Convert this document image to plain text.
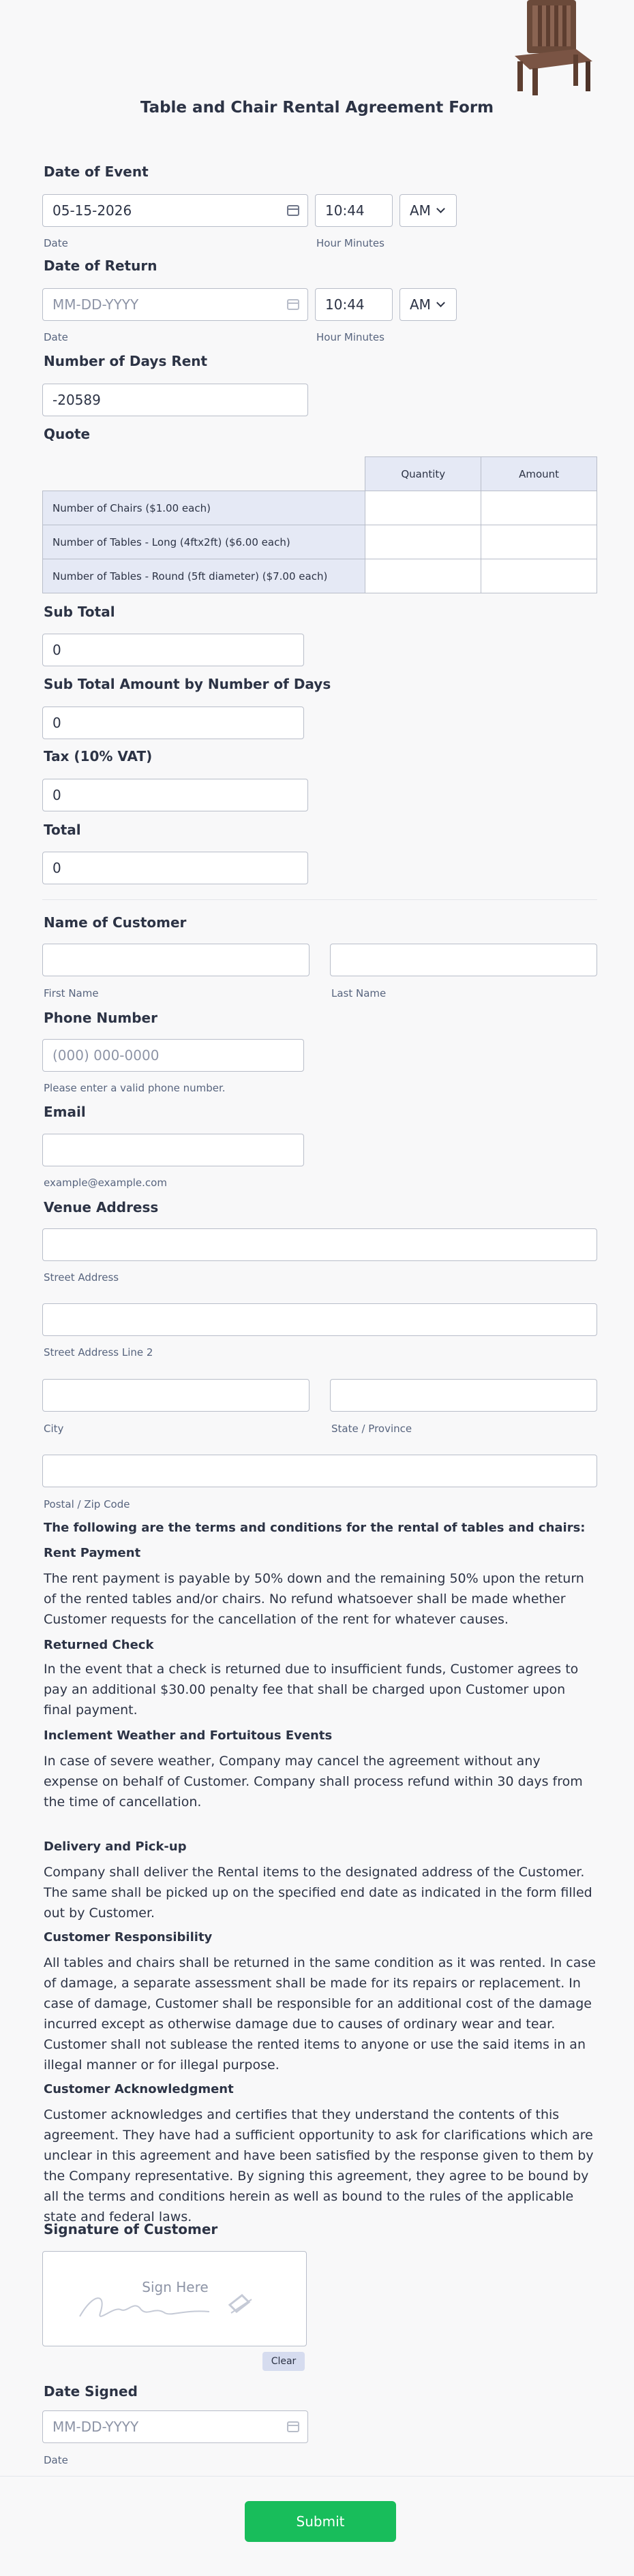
Table and Chair Rental Agreement Form
Date of Event
05-15-2026
Date
10:44	AM
Hour Minutes
Date of Return
MM-DD-YYYY
Date
10:44	AM
Hour Minutes
Number of Days Rent
-20589
Quote
	Quantity	Amount
Number of Chairs ($1.00 each)		
Number of Tables - Long (4ftx2ft) ($6.00 each)		
Number of Tables - Round (5ft diameter) ($7.00 each)		
Sub Total
0
Sub Total Amount by Number of Days
0
Tax (10% VAT)
0
Total
0
Name of Customer
First Name	Last Name
Phone Number
(000) 000-0000
Please enter a valid phone number.
Email
example@example.com
Venue Address
Street Address
Street Address Line 2
City	State / Province
Postal / Zip Code
The following are the terms and conditions for the rental of tables and chairs:
Rent Payment
The rent payment is payable by 50% down and the remaining 50% upon the return of the rented tables and/or chairs. No refund whatsoever shall be made whether Customer requests for the cancellation of the rent for whatever causes.
Returned Check
In the event that a check is returned due to insufficient funds, Customer agrees to pay an additional $30.00 penalty fee that shall be charged upon Customer upon final payment.
Inclement Weather and Fortuitous Events
In case of severe weather, Company may cancel the agreement without any expense on behalf of Customer. Company shall process refund within 30 days from the time of cancellation.
Delivery and Pick-up
Company shall deliver the Rental items to the designated address of the Customer. The same shall be picked up on the specified end date as indicated in the form filled out by Customer.
Customer Responsibility
All tables and chairs shall be returned in the same condition as it was rented. In case of damage, a separate assessment shall be made for its repairs or replacement. In case of damage, Customer shall be responsible for an additional cost of the damage incurred except as otherwise damage due to causes of ordinary wear and tear. Customer shall not sublease the rented items to anyone or use the said items in an illegal manner or for illegal purpose.
Customer Acknowledgment
Customer acknowledges and certifies that they understand the contents of this agreement. They have had a sufficient opportunity to ask for clarifications which are unclear in this agreement and have been satisfied by the response given to them by the Company representative. By signing this agreement, they agree to be bound by all the terms and conditions herein as well as bound to the rules of the applicable state and federal laws.
Signature of Customer
Sign Here
Clear
Date Signed
MM-DD-YYYY
Date
Submit
